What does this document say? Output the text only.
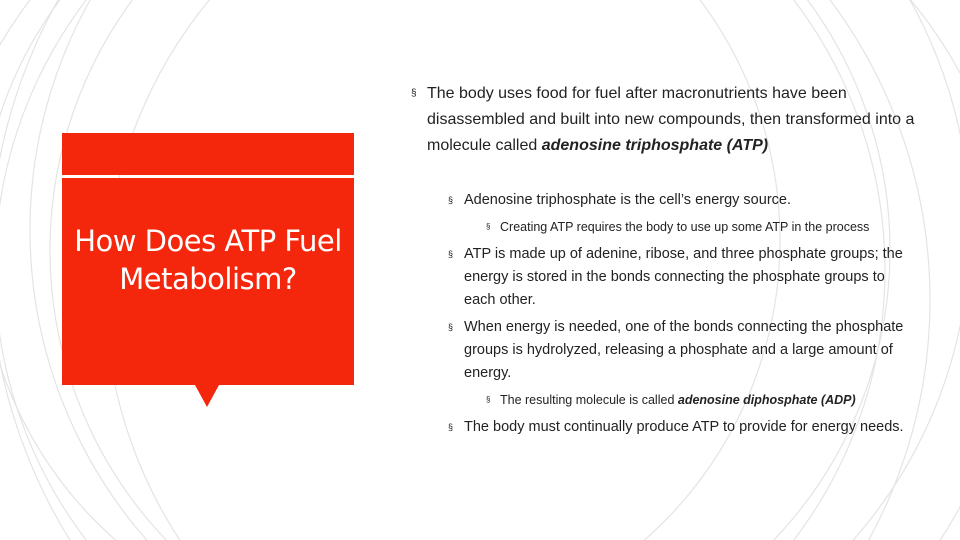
How Does ATP Fuel Metabolism?

§ The body uses food for fuel after macronutrients have been disassembled and built into new compounds, then transformed into a molecule called adenosine triphosphate (ATP)

§ Adenosine triphosphate is the cell’s energy source.

§ Creating ATP requires the body to use up some ATP in the process

§ ATP is made up of adenine, ribose, and three phosphate groups; the energy is stored in the bonds connecting the phosphate groups to each other.

§ When energy is needed, one of the bonds connecting the phosphate groups is hydrolyzed, releasing a phosphate and a large amount of energy.

§ The resulting molecule is called adenosine diphosphate (ADP)

§ The body must continually produce ATP to provide for energy needs.
